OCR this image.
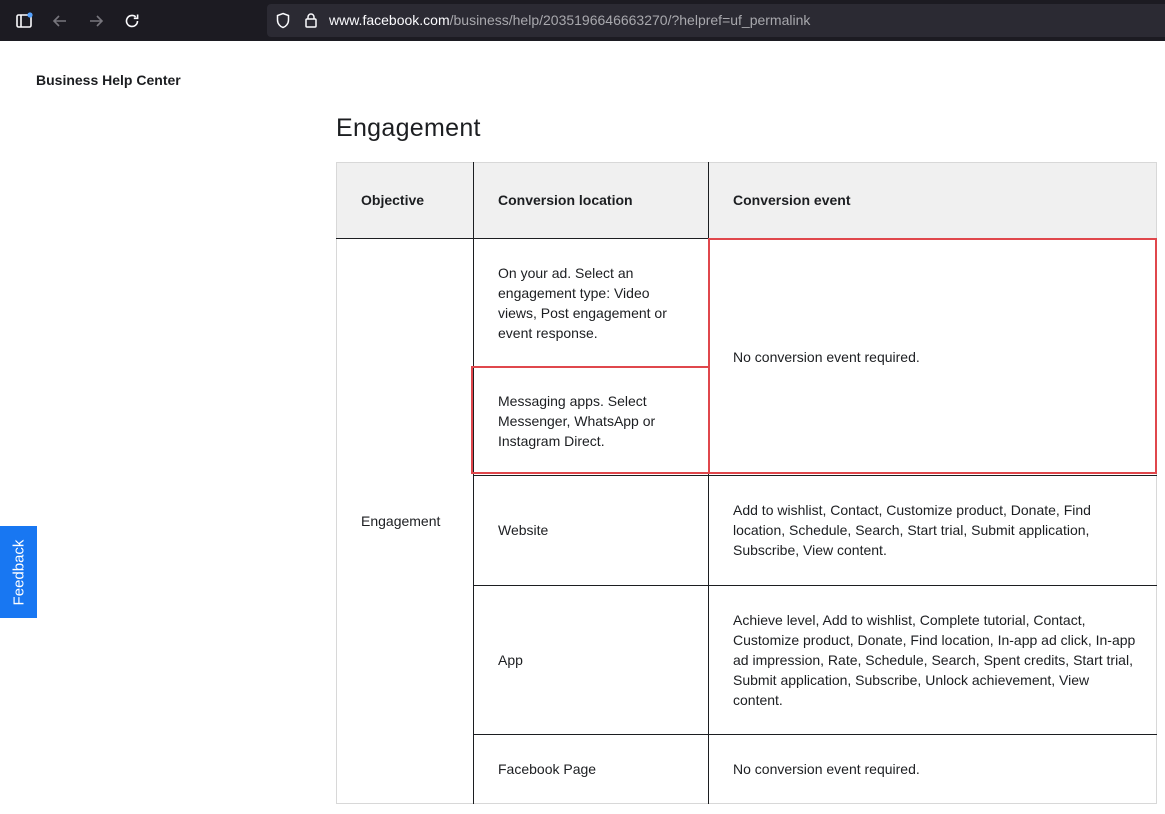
www.facebook.com/business/help/2035196646663270/?helpref=uf_permalink
Business Help Center
Engagement
Feedback
Objective	Conversion location	Conversion event
Engagement
On your ad. Select an engagement type: Video views, Post engagement or event response.
Messaging apps. Select Messenger, WhatsApp or Instagram Direct.
Website
App
Facebook Page
No conversion event required.
Add to wishlist, Contact, Customize product, Donate, Find location, Schedule, Search, Start trial, Submit application, Subscribe, View content.
Achieve level, Add to wishlist, Complete tutorial, Contact, Customize product, Donate, Find location, In-app ad click, In-app ad impression, Rate, Schedule, Search, Spent credits, Start trial, Submit application, Subscribe, Unlock achievement, View content.
No conversion event required.
